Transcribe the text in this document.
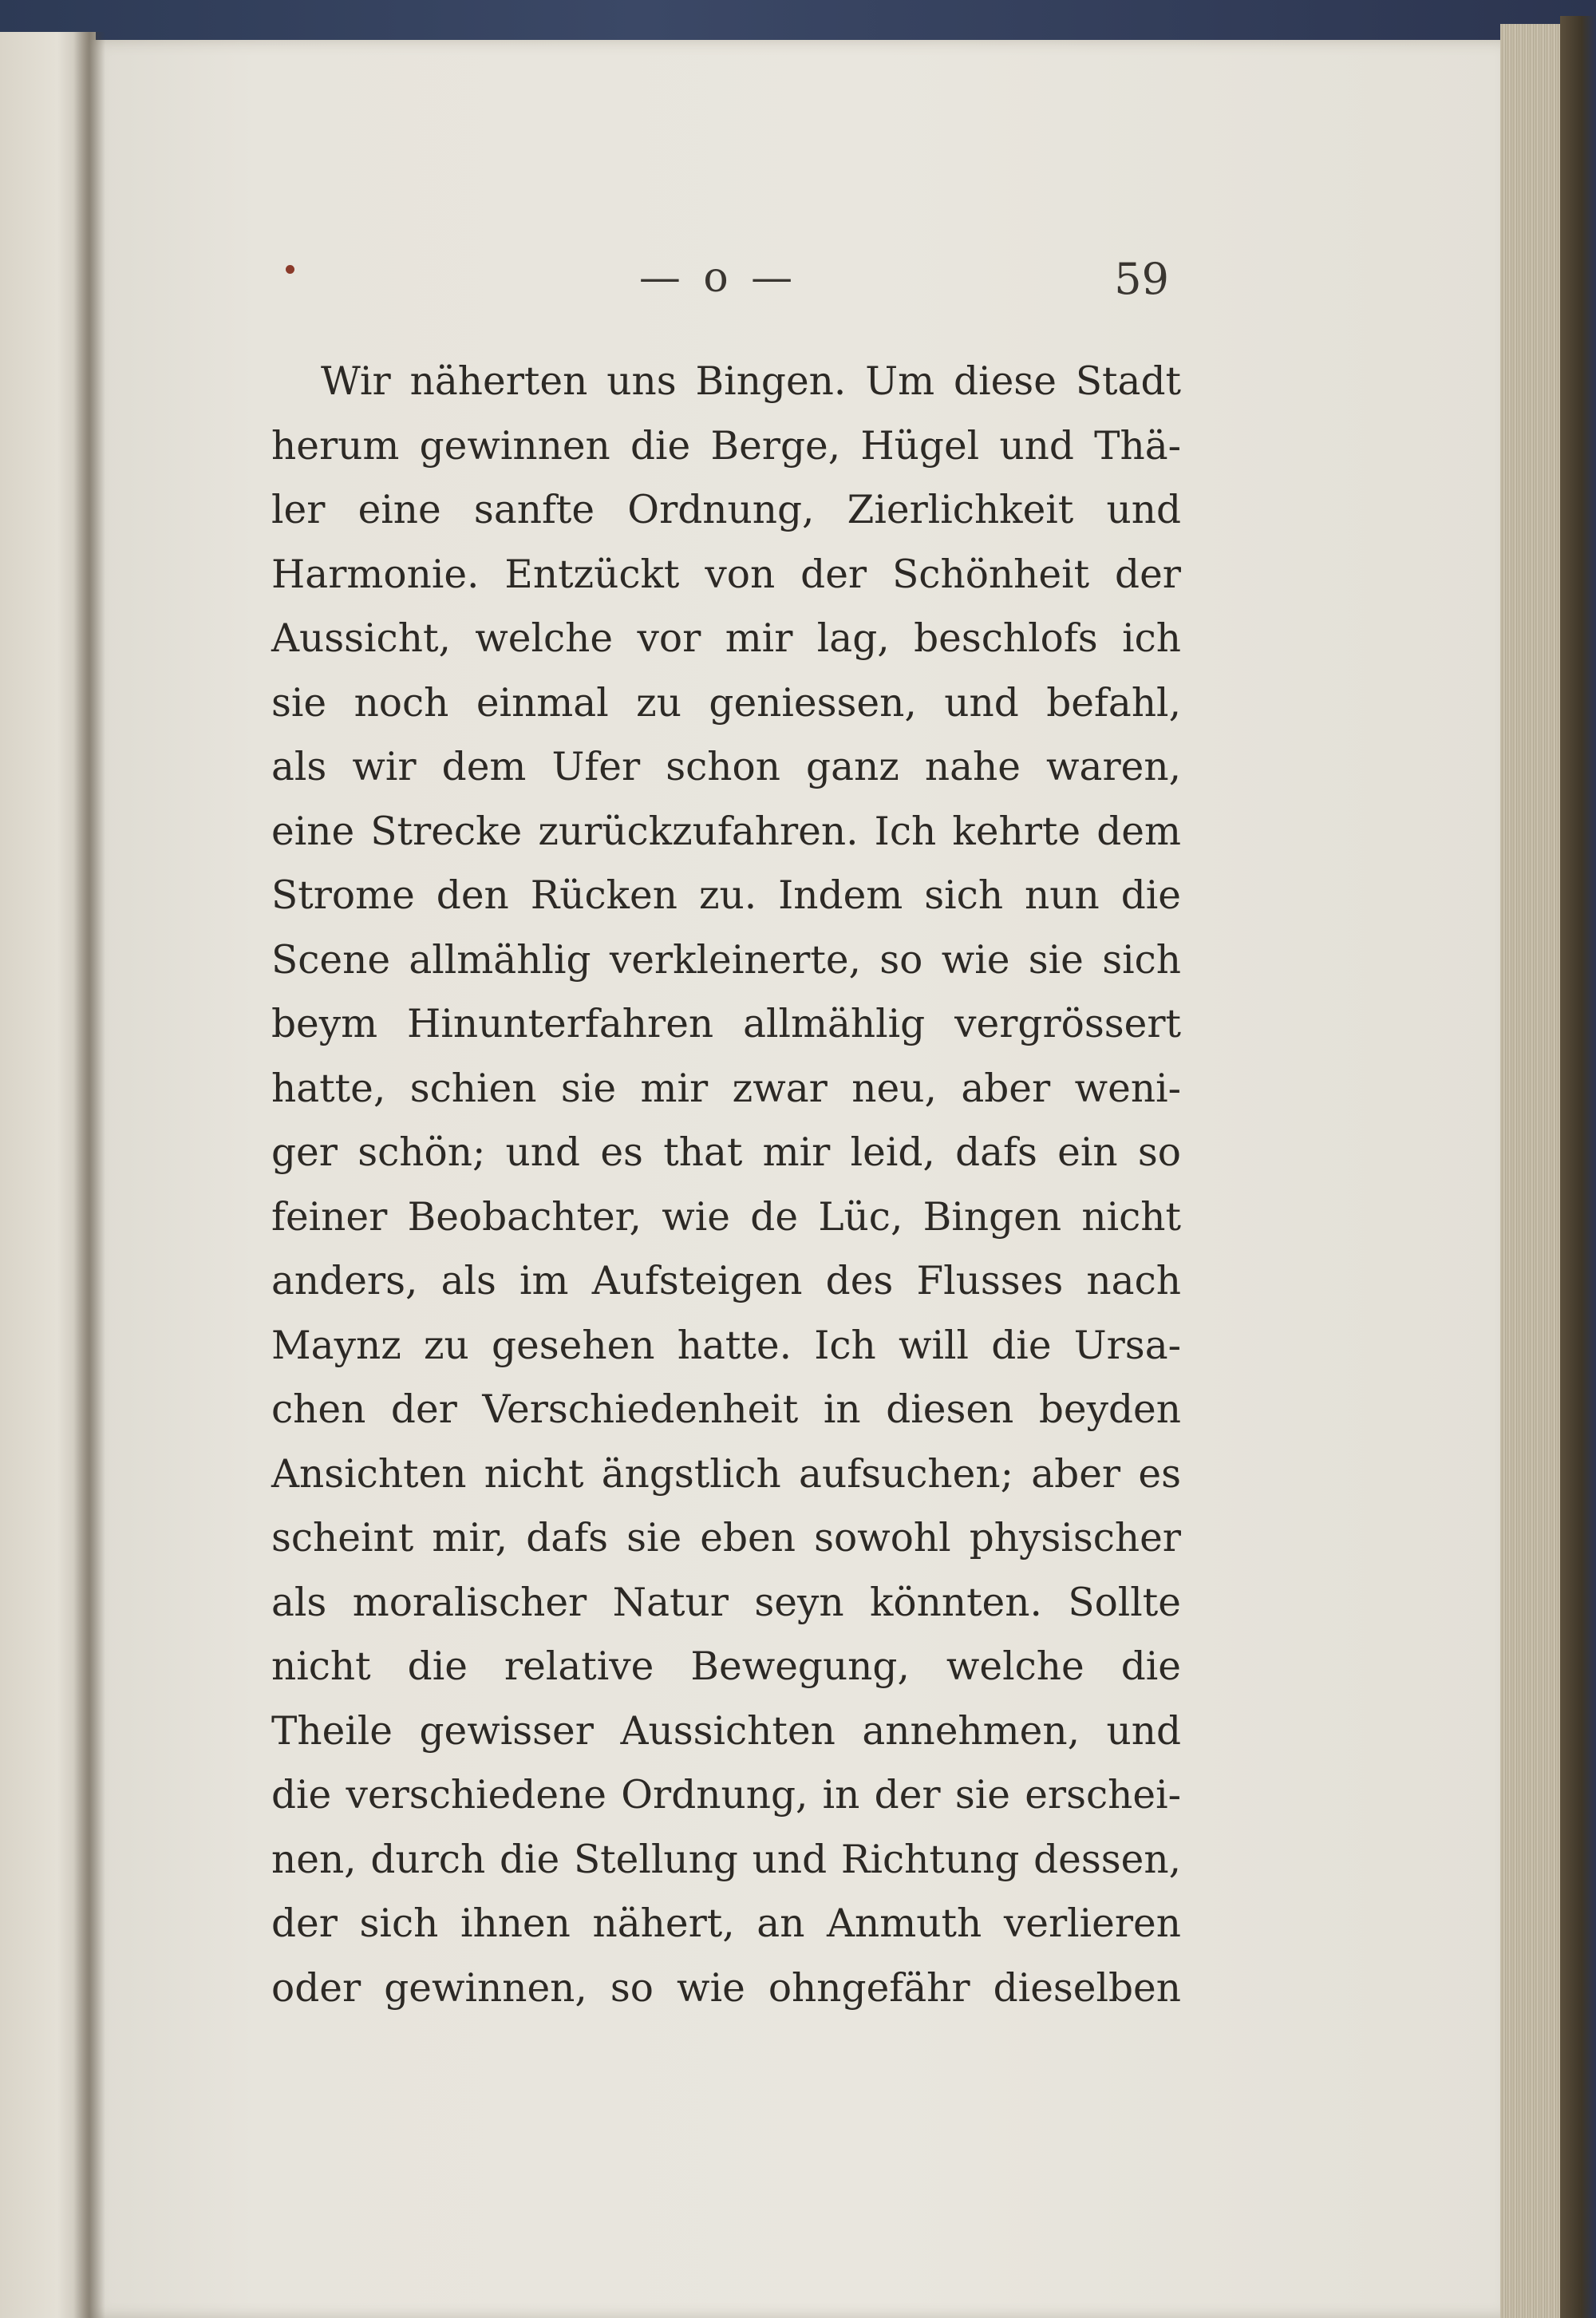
— o —	59
Wir näherten uns Bingen. Um diese Stadt
herum gewinnen die Berge, Hügel und Thä-
ler eine sanfte Ordnung, Zierlichkeit und
Harmonie. Entzückt von der Schönheit der
Aussicht, welche vor mir lag, beschlofs ich
sie noch einmal zu geniessen, und befahl,
als wir dem Ufer schon ganz nahe waren,
eine Strecke zurückzufahren. Ich kehrte dem
Strome den Rücken zu. Indem sich nun die
Scene allmählig verkleinerte, so wie sie sich
beym Hinunterfahren allmählig vergrössert
hatte, schien sie mir zwar neu, aber weni-
ger schön; und es that mir leid, dafs ein so
feiner Beobachter, wie de Lüc, Bingen nicht
anders, als im Aufsteigen des Flusses nach
Maynz zu gesehen hatte. Ich will die Ursa-
chen der Verschiedenheit in diesen beyden
Ansichten nicht ängstlich aufsuchen; aber es
scheint mir, dafs sie eben sowohl physischer
als moralischer Natur seyn könnten. Sollte
nicht die relative Bewegung, welche die
Theile gewisser Aussichten annehmen, und
die verschiedene Ordnung, in der sie erschei-
nen, durch die Stellung und Richtung dessen,
der sich ihnen nähert, an Anmuth verlieren
oder gewinnen, so wie ohngefähr dieselben
